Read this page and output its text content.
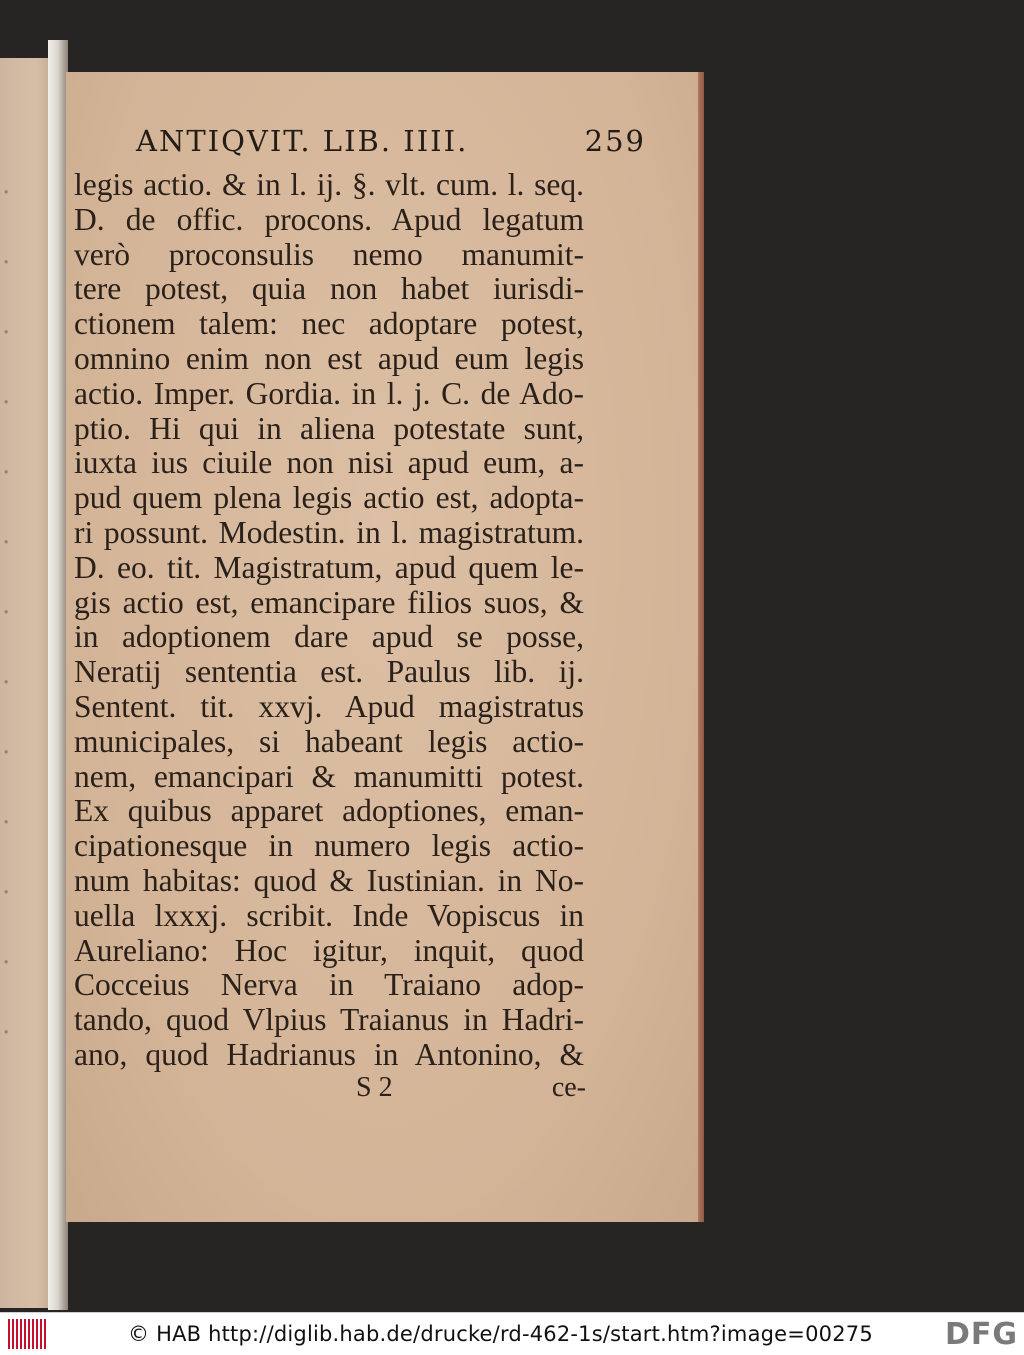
·
·
·
·
·
·
·
·
·
·
·
·
·
ANTIQVIT. LIB. IIII.	259
legis actio. & in l. ij. §. vlt. cum. l. seq.
D. de offic. procons. Apud legatum
verò proconsulis nemo manumit-
tere potest, quia non habet iurisdi-
ctionem talem: nec adoptare potest,
omnino enim non est apud eum legis
actio. Imper. Gordia. in l. j. C. de Ado-
ptio. Hi qui in aliena potestate sunt,
iuxta ius ciuile non nisi apud eum, a-
pud quem plena legis actio est, adopta-
ri possunt. Modestin. in l. magistratum.
D. eo. tit. Magistratum, apud quem le-
gis actio est, emancipare filios suos, &
in adoptionem dare apud se posse,
Neratij sententia est. Paulus lib. ij.
Sentent. tit. xxvj. Apud magistratus
municipales, si habeant legis actio-
nem, emancipari & manumitti potest.
Ex quibus apparet adoptiones, eman-
cipationesque in numero legis actio-
num habitas: quod & Iustinian. in No-
uella lxxxj. scribit. Inde Vopiscus in
Aureliano: Hoc igitur, inquit, quod
Cocceius Nerva in Traiano adop-
tando, quod Vlpius Traianus in Hadri-
ano, quod Hadrianus in Antonino, &
S 2	ce-
© HAB http://diglib.hab.de/drucke/rd-462-1s/start.htm?image=00275 DFG
